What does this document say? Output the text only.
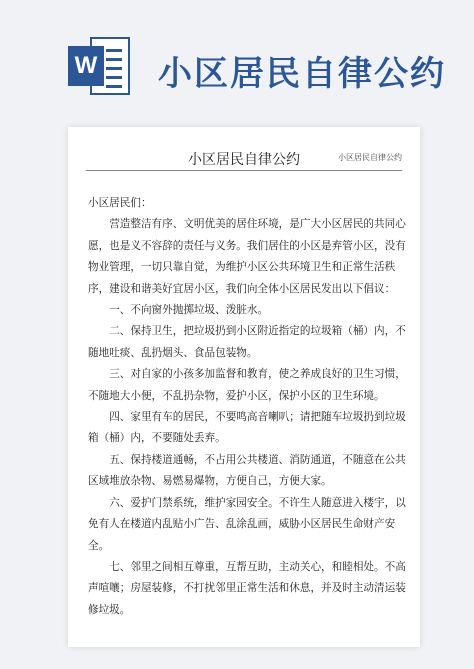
W 小区居民自律公约
小区居民自律公约
小区居民自律公约

小区居民们：

营造整洁有序、文明优美的居住环境，是广大小区居民的共同心愿，也是义不容辞的责任与义务。我们居住的小区是弃管小区，没有物业管理，一切只靠自觉，为维护小区公共环境卫生和正常生活秩序，建设和谐美好宜居小区，我们向全体小区居民发出以下倡议：

一、不向窗外抛掷垃圾、泼脏水。

二、保持卫生，把垃圾扔到小区附近指定的垃圾箱（桶）内，不随地吐痰、乱扔烟头、食品包装物。

三、对自家的小孩多加监督和教育，使之养成良好的卫生习惯，不随地大小便，不乱扔杂物，爱护小区，保护小区的卫生环境。

四、家里有车的居民，不要鸣高音喇叭；请把随车垃圾扔到垃圾箱（桶）内，不要随处丢弃。

五、保持楼道通畅，不占用公共楼道、消防通道，不随意在公共区域堆放杂物、易燃易爆物，方便自己，方便大家。

六、爱护门禁系统，维护家园安全。不许生人随意进入楼宇，以免有人在楼道内乱贴小广告、乱涂乱画，威胁小区居民生命财产安全。

七、邻里之间相互尊重，互帮互助，主动关心，和睦相处。不高声喧嚷；房屋装修，不打扰邻里正常生活和休息，并及时主动清运装修垃圾。
